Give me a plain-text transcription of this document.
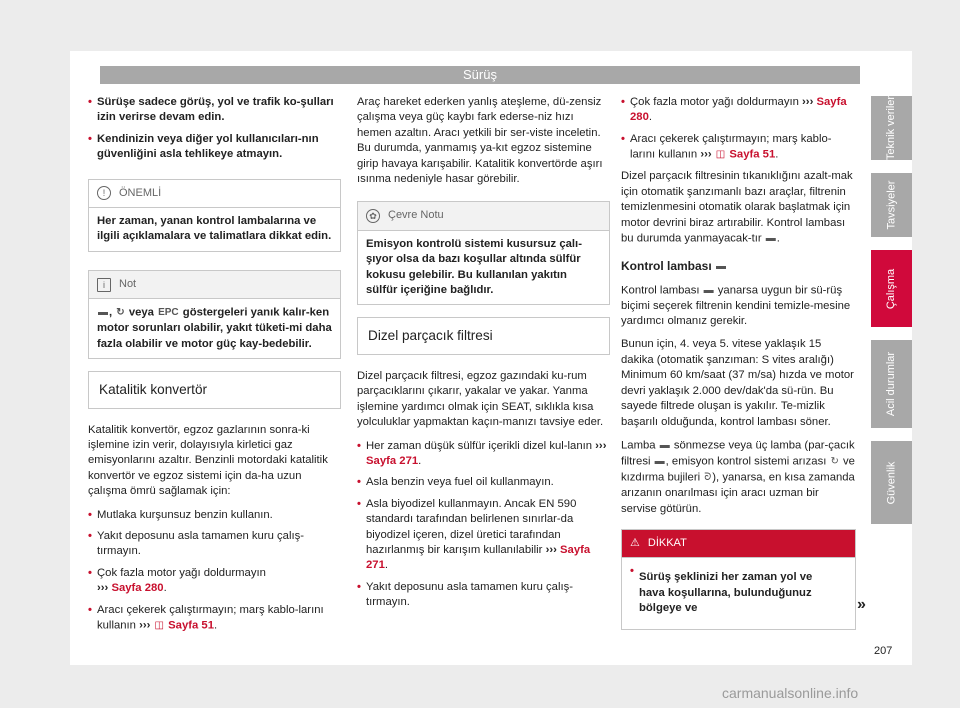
Sürüş
• Sürüşe sadece görüş, yol ve trafik ko-şulları izin verirse devam edin.
• Kendinizin veya diğer yol kullanıcıları-nın güvenliğini asla tehlikeye atmayın.
!	ÖNEMLİ
Her zaman, yanan kontrol lambalarına ve ilgili açıklamalara ve talimatlara dikkat edin.
i	Not
▬, ↻ veya EPC göstergeleri yanık kalır-ken motor sorunları olabilir, yakıt tüketi-mi daha fazla olabilir ve motor güç kay-bedebilir.
Katalitik konvertör

Katalitik konvertör, egzoz gazlarının sonra-ki işlemine izin verir, dolayısıyla kirletici gaz emisyonlarını azaltır. Benzinli motordaki katalitik konvertör ve egzoz sistemi için da-ha uzun çalışma ömrü sağlamak için:

• Mutlaka kurşunsuz benzin kullanın.
• Yakıt deposunu asla tamamen kuru çalış-tırmayın.
• Çok fazla motor yağı doldurmayın
››› Sayfa 280.
• Aracı çekerek çalıştırmayın; marş kablo-larını kullanın ››› ◫ Sayfa 51.

Araç hareket ederken yanlış ateşleme, dü-zensiz çalışma veya güç kaybı fark ederse-niz hızı hemen azaltın. Aracı yetkili bir ser-viste inceletin. Bu durumda, yanmamış ya-kıt egzoz sistemine girip havaya karışabilir. Katalitik konvertörde aşırı ısınma nedeniyle hasar görebilir.

✿ Çevre Notu
Emisyon kontrolü sistemi kusursuz çalı-şıyor olsa da bazı koşullar altında sülfür kokusu gelebilir. Bu kullanılan yakıtın sülfür içeriğine bağlıdır.
Dizel parçacık filtresi

Dizel parçacık filtresi, egzoz gazındaki ku-rum parçacıklarını çıkarır, yakalar ve yakar. Yanma işlemine yardımcı olmak için SEAT, sıklıkla kısa yolculuklar yapmaktan kaçın-manızı tavsiye eder.

• Her zaman düşük sülfür içerikli dizel kul-lanın ››› Sayfa 271.
• Asla benzin veya fuel oil kullanmayın.
• Asla biyodizel kullanmayın. Ancak EN 590 standardı tarafından belirlenen sınırlar-da biyodizel içeren, dizel üretici tarafından hazırlanmış bir karışım kullanılabilir ››› Sayfa 271.
• Yakıt deposunu asla tamamen kuru çalış-tırmayın.
• Çok fazla motor yağı doldurmayın ››› Sayfa 280.
• Aracı çekerek çalıştırmayın; marş kablo-larını kullanın ››› ◫ Sayfa 51.

Dizel parçacık filtresinin tıkanıklığını azalt-mak için otomatik şanzımanlı bazı araçlar, filtrenin temizlenmesini otomatik olarak başlatmak için motor devrini biraz artırabilir. Kontrol lambası bu durumda yanmayacak-tır ▬.

Kontrol lambası ▬

Kontrol lambası ▬ yanarsa uygun bir sü-rüş biçimi seçerek filtrenin kendini temizle-mesine yardımcı olmanız gerekir.

Bunun için, 4. veya 5. vitese yaklaşık 15 dakika (otomatik şanzıman: S vites aralığı) Minimum 60 km/saat (37 m/sa) hızda ve motor devri yaklaşık 2.000 dev/dak'da sü-rün. Bu sayede filtrede oluşan is yakılır. Te-mizlik başarılı olduğunda, kontrol lambası söner.

Lamba ▬ sönmezse veya üç lamba (par-çacık filtresi ▬, emisyon kontrol sistemi arızası ↻ ve kızdırma bujileri ᘐ), yanarsa, en kısa zamanda arızanın onarılması için aracı uzman bir servise götürün.

⚠ DİKKAT
• Sürüş şeklinizi her zaman yol ve hava koşullarına, bulunduğunuz bölgeye ve	»
Teknik veriler
Tavsiyeler
Çalışma
Acil durumlar
Güvenlik
207
carmanualsonline.info
